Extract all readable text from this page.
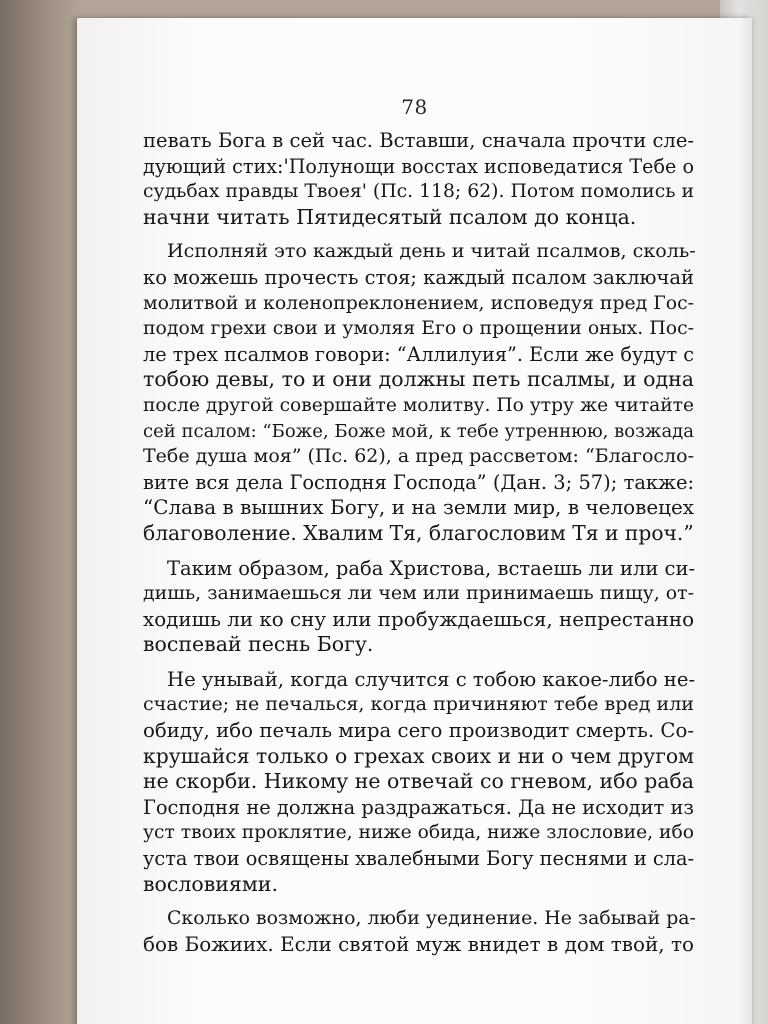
78
певать Бога в сей час. Вставши, сначала прочти сле-
дующий стих:'Полунощи восстах исповедатися Тебе о
судьбах правды Твоея' (Пс. 118; 62). Потом помолись и
начни читать Пятидесятый псалом до конца.
Исполняй это каждый день и читай псалмов, сколь-
ко можешь прочесть стоя; каждый псалом заключай
молитвой и коленопреклонением, исповедуя пред Гос-
подом грехи свои и умоляя Его о прощении оных. Пос-
ле трех псалмов говори: “Аллилуия”. Если же будут с
тобою девы, то и они должны петь псалмы, и одна
после другой совершайте молитву. По утру же читайте
сей псалом: “Боже, Боже мой, к тебе утреннюю, возжада
Тебе душа моя” (Пс. 62), а пред рассветом: “Благосло-
вите вся дела Господня Господа” (Дан. 3; 57); также:
“Слава в вышних Богу, и на земли мир, в человецех
благоволение. Хвалим Тя, благословим Тя и проч.”
Таким образом, раба Христова, встаешь ли или си-
дишь, занимаешься ли чем или принимаешь пищу, от-
ходишь ли ко сну или пробуждаешься, непрестанно
воспевай песнь Богу.
Не унывай, когда случится с тобою какое-либо не-
счастие; не печалься, когда причиняют тебе вред или
обиду, ибо печаль мира сего производит смерть. Со-
крушайся только о грехах своих и ни о чем другом
не скорби. Никому не отвечай со гневом, ибо раба
Господня не должна раздражаться. Да не исходит из
уст твоих проклятие, ниже обида, ниже злословие, ибо
уста твои освящены хвалебными Богу песнями и сла-
вословиями.
Сколько возможно, люби уединение. Не забывай ра-
бов Божиих. Если святой муж внидет в дом твой, то
